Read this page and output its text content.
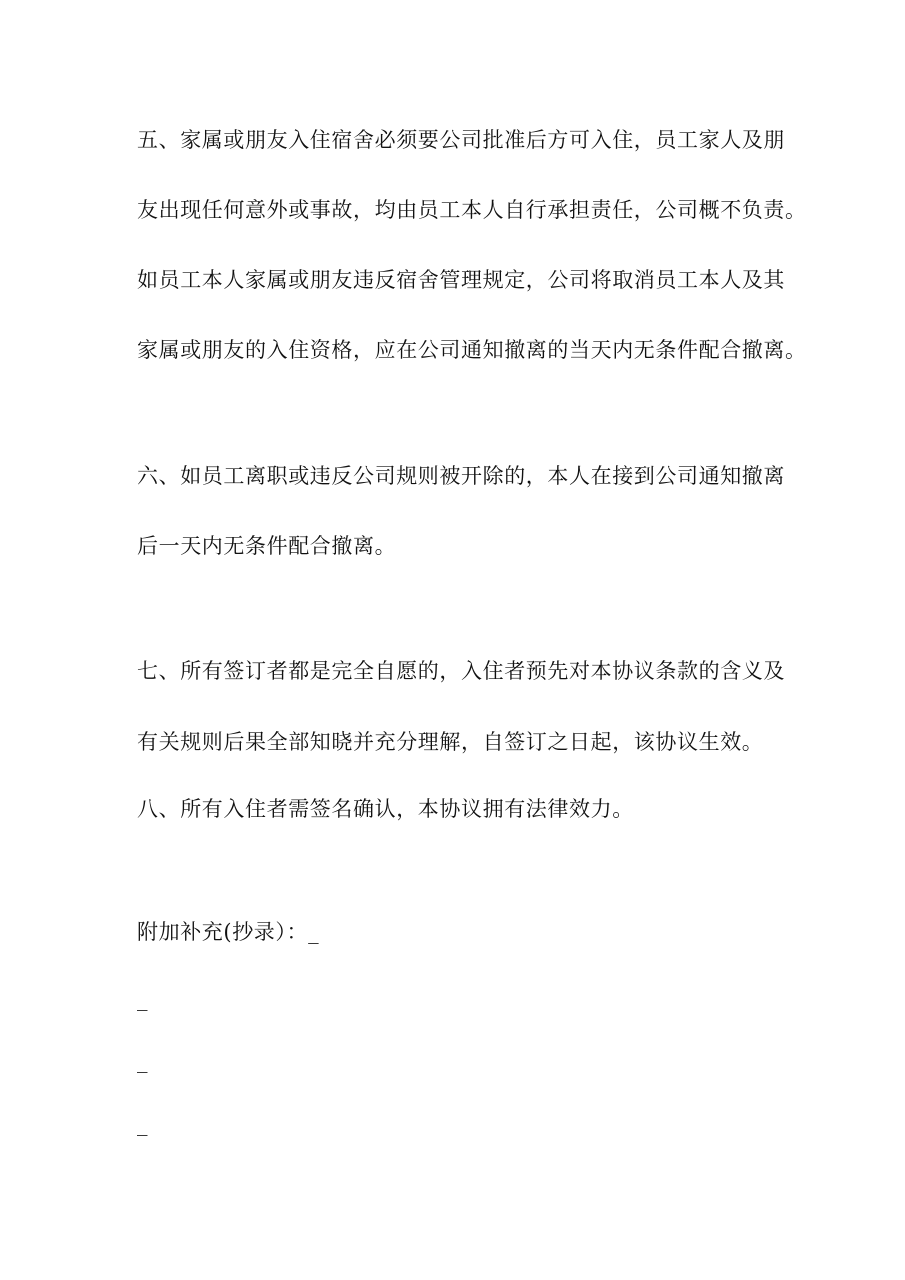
五、家属或朋友入住宿舍必须要公司批准后方可入住，员工家人及朋
友出现任何意外或事故，均由员工本人自行承担责任，公司概不负责。
如员工本人家属或朋友违反宿舍管理规定，公司将取消员工本人及其
家属或朋友的入住资格，应在公司通知撤离的当天内无条件配合撤离。
六、如员工离职或违反公司规则被开除的，本人在接到公司通知撤离
后一天内无条件配合撤离。
七、所有签订者都是完全自愿的，入住者预先对本协议条款的含义及
有关规则后果全部知晓并充分理解，自签订之日起，该协议生效。
八、所有入住者需签名确认，本协议拥有法律效力。
附加补充(抄录）：_
_
_
_
